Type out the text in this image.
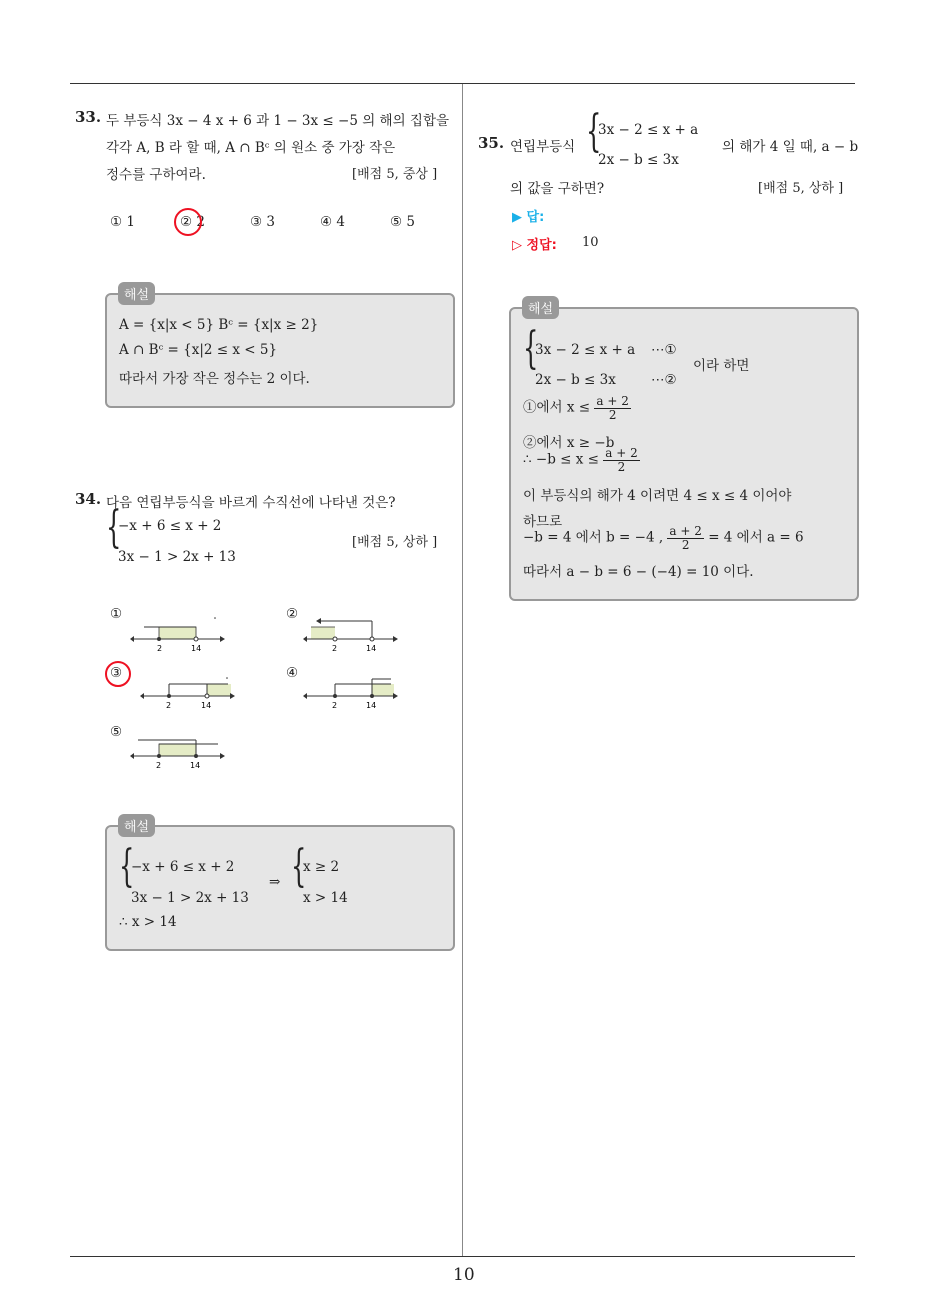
10
33. 두 부등식 3x − 4 x + 6 과 1 − 3x ≤ −5 의 해의 집합을
각각 A, B 라 할 때, A ∩ Bᶜ 의 원소 중 가장 작은
정수를 구하여라.	[배점 5, 중상 ]
① 1	② 2	③ 3	④ 4	⑤ 5
A = {x|x < 5} Bᶜ = {x|x ≥ 2}
A ∩ Bᶜ = {x|2 ≤ x < 5}
따라서 가장 작은 정수는 2 이다.
해설
34. 다음 연립부등식을 바르게 수직선에 나타낸 것은?
{
−x + 6 ≤ x + 2
3x − 1 > 2x + 13
[배점 5, 상하 ]
①	②
③	④
⑤
2	14	2	14
2	14	2	14
2	14
{
−x + 6 ≤ x + 2
3x − 1 > 2x + 13
⇒ {
x ≥ 2
x > 14
∴ x > 14
해설
35. 연립부등식 {
3x − 2 ≤ x + a
2x − b ≤ 3x
의 해가 4 일 때, a − b
의 값을 구하면?	[배점 5, 상하 ]
▶ 답:
▷ 정답: 10
{
3x − 2 ≤ x + a ⋯①
2x − b ≤ 3x	⋯②
이라 하면
①에서 $x \le \frac{a + 2}{2}$
②에서 x ≥ −b
∴ $-b \le x \le \frac{a + 2}{2}$
이 부등식의 해가 4 이려면 4 ≤ x ≤ 4 이어야
하므로
−b = 4 에서 b = −4 , $\frac{a + 2}{2} = 4$ 에서 a = 6
따라서 a − b = 6 − (−4) = 10 이다.
해설
